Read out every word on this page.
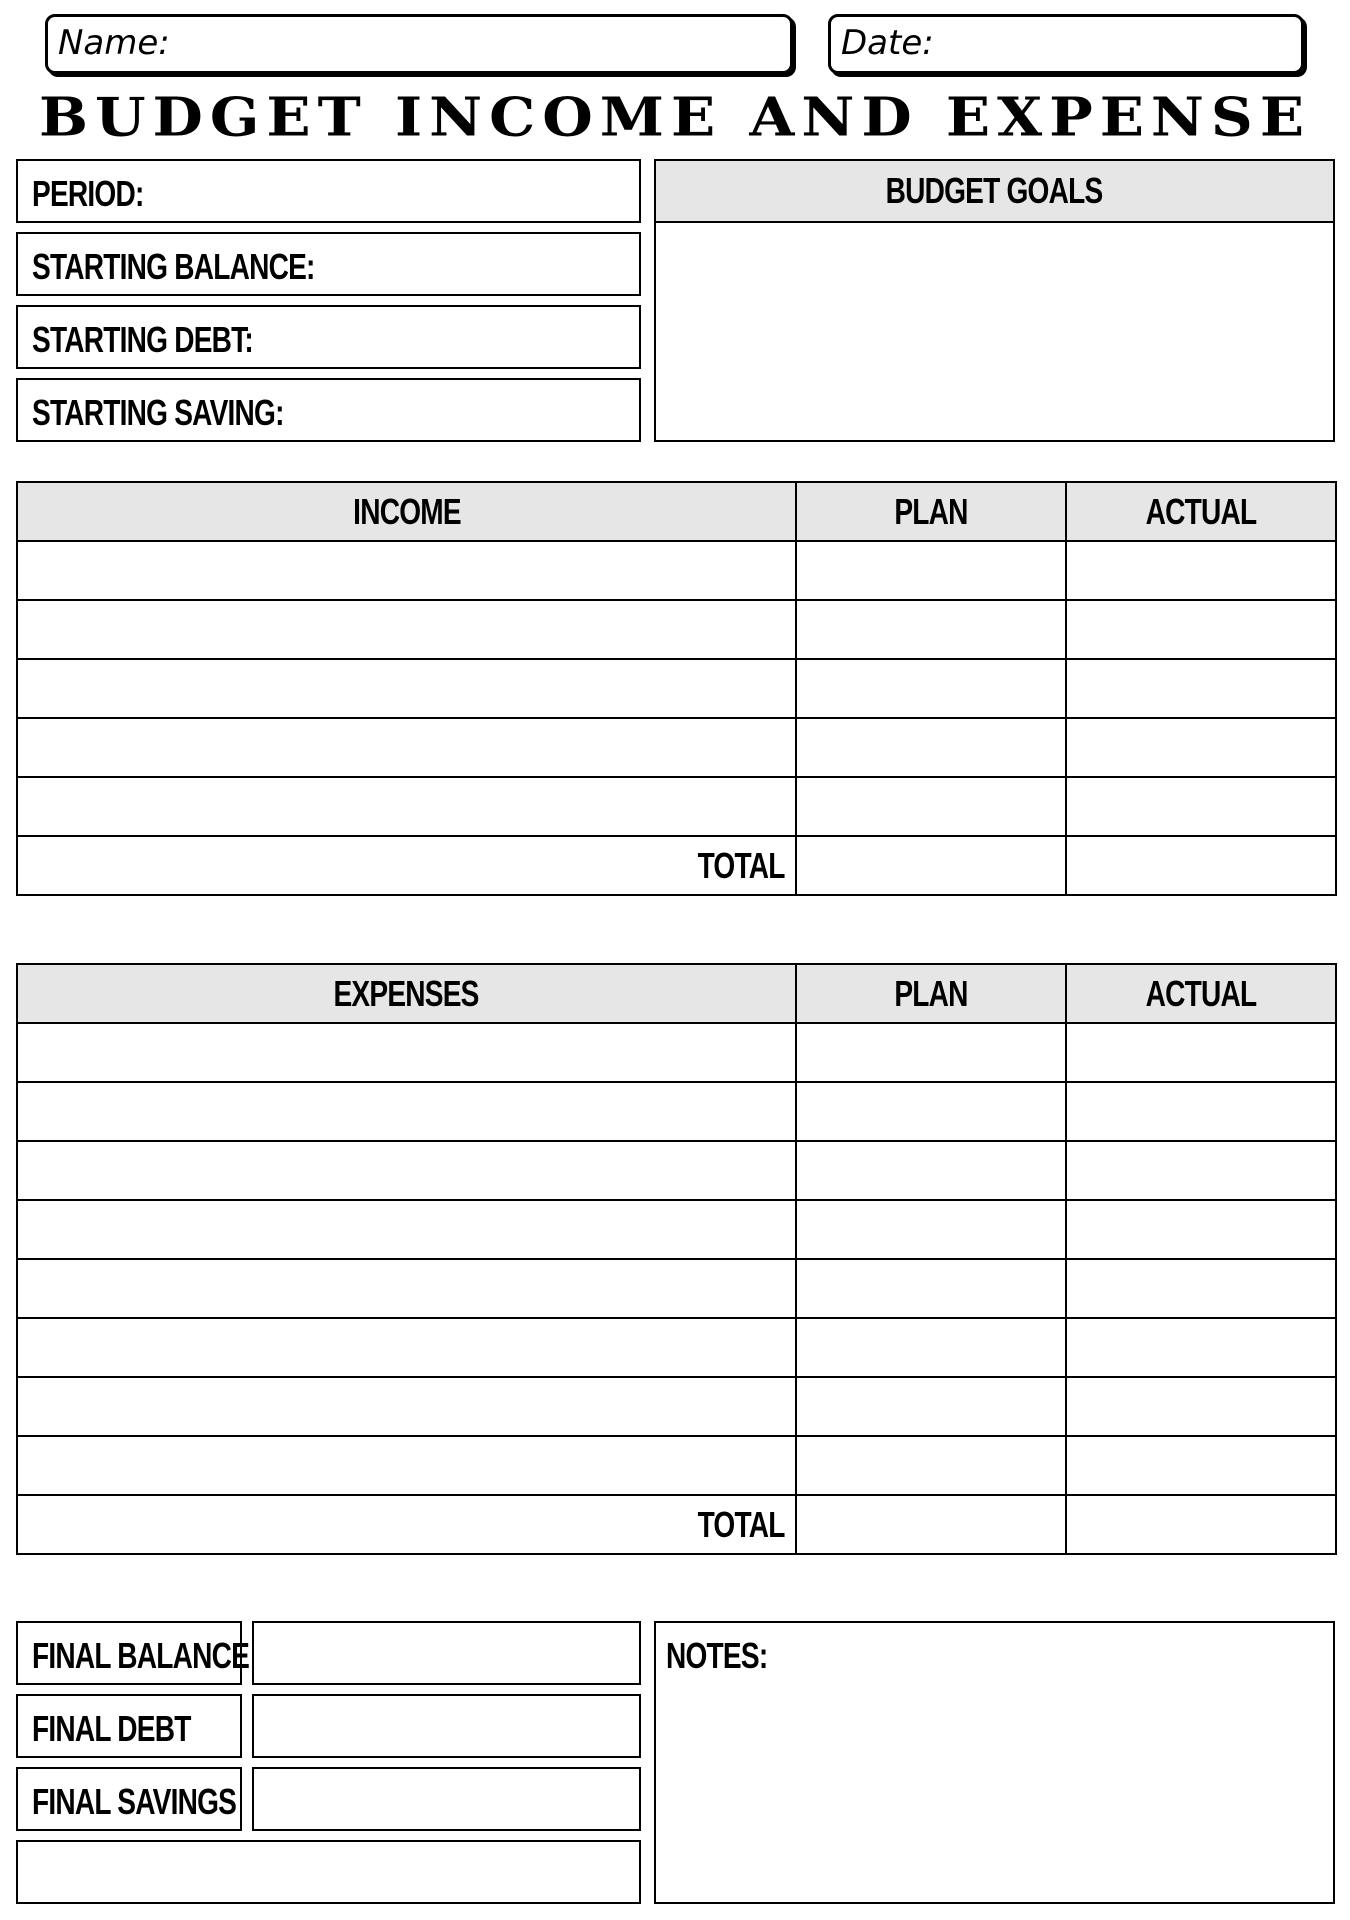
Name:	Date:
BUDGET INCOME AND EXPENSE
PERIOD:
STARTING BALANCE:
STARTING DEBT:
STARTING SAVING:
BUDGET GOALS
INCOME	PLAN	ACTUAL

TOTAL		
EXPENSES	PLAN	ACTUAL

TOTAL		
FINAL BALANCE
FINAL DEBT
FINAL SAVINGS
NOTES:
